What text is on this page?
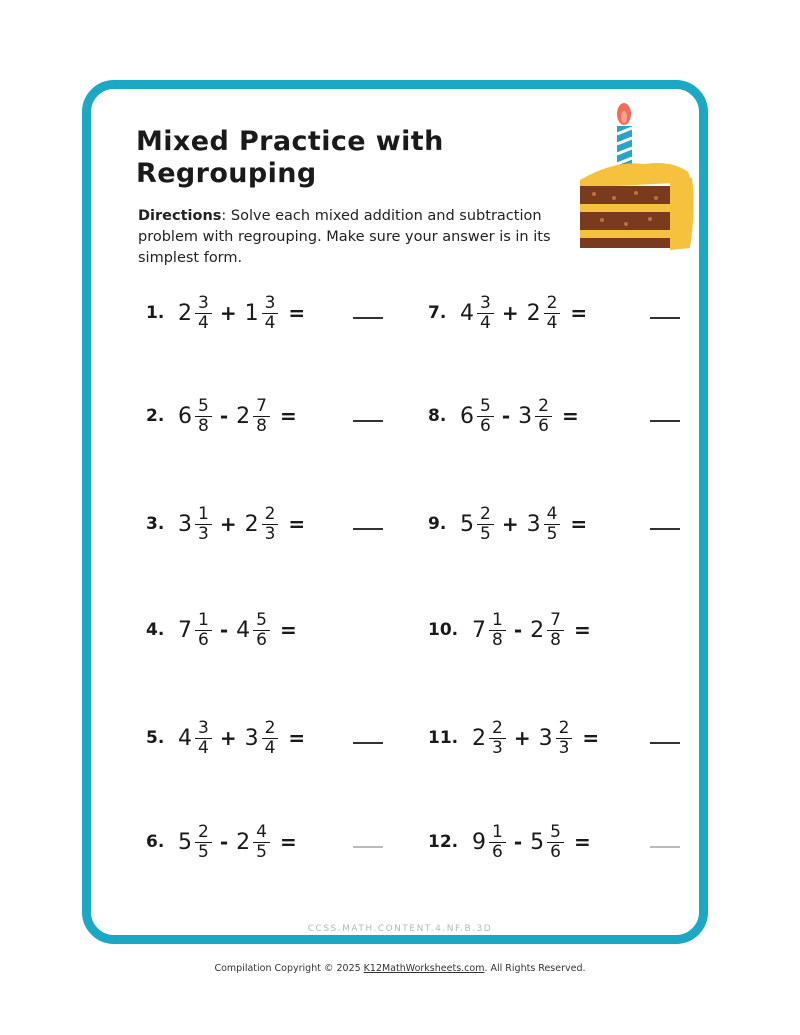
Mixed Practice with
Regrouping
Directions: Solve each mixed addition and subtraction problem with regrouping. Make sure your answer is in its simplest form.
1. $2 \frac{3}{4} + 1 \frac{3}{4}$ =
2. $6 \frac{5}{8} - 2 \frac{7}{8}$ =
3. $3 \frac{1}{3} + 2 \frac{2}{3}$ =
4. $7 \frac{1}{6} - 4 \frac{5}{6}$ =
5. $4 \frac{3}{4} + 3 \frac{2}{4}$ =
6. $5 \frac{2}{5} - 2 \frac{4}{5}$ =
7. $4 \frac{3}{4} + 2 \frac{2}{4}$ =
8. $6 \frac{5}{6} - 3 \frac{2}{6}$ =
9. $5 \frac{2}{5} + 3 \frac{4}{5}$ =
10. $7 \frac{1}{8} - 2 \frac{7}{8}$ =
11. $2 \frac{2}{3} + 3 \frac{2}{3}$ =
12. $9 \frac{1}{6} - 5 \frac{5}{6}$ =
CCSS.MATH.CONTENT.4.NF.B.3D
Compilation Copyright © 2025 K12MathWorksheets.com. All Rights Reserved.
